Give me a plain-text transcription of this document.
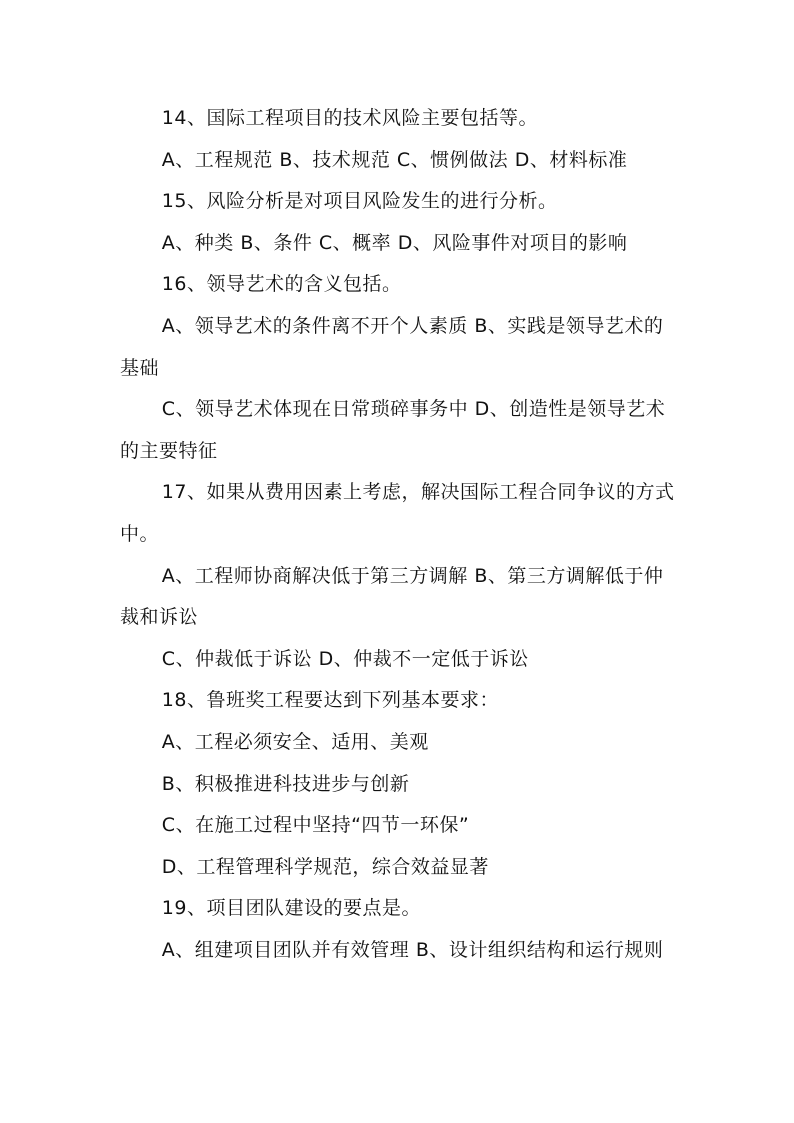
14、国际工程项目的技术风险主要包括等。

A、工程规范 B、技术规范 C、惯例做法 D、材料标准

15、风险分析是对项目风险发生的进行分析。

A、种类 B、条件 C、概率 D、风险事件对项目的影响

16、领导艺术的含义包括。

A、领导艺术的条件离不开个人素质 B、实践是领导艺术的基础

C、领导艺术体现在日常琐碎事务中 D、创造性是领导艺术的主要特征

17、如果从费用因素上考虑，解决国际工程合同争议的方式中。

A、工程师协商解决低于第三方调解 B、第三方调解低于仲裁和诉讼

C、仲裁低于诉讼 D、仲裁不一定低于诉讼

18、鲁班奖工程要达到下列基本要求：

A、工程必须安全、适用、美观

B、积极推进科技进步与创新

C、在施工过程中坚持“四节一环保”

D、工程管理科学规范，综合效益显著

19、项目团队建设的要点是。

A、组建项目团队并有效管理 B、设计组织结构和运行规则
